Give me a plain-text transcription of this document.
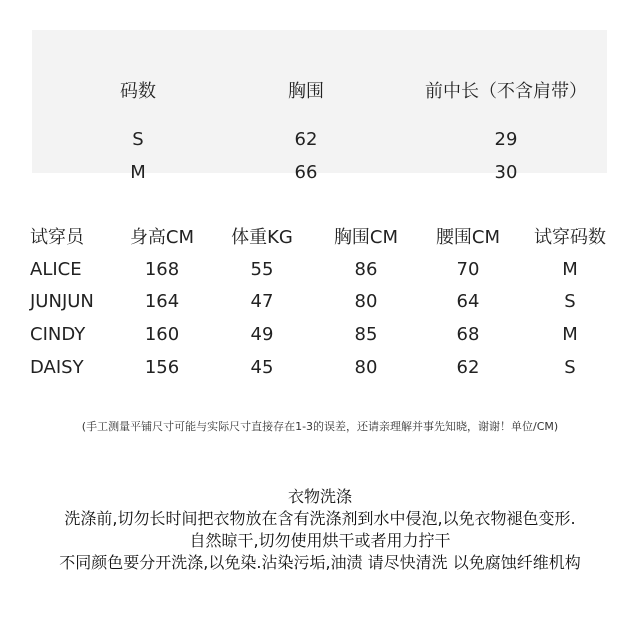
码数	胸围	前中长（不含肩带）
S	62	29
M	66	30
试穿员	身高CM	体重KG	胸围CM	腰围CM	试穿码数
ALICE	168	55	86	70	M
JUNJUN	164	47	80	64	S
CINDY	160	49	85	68	M
DAISY	156	45	80	62	S
(手工测量平铺尺寸可能与实际尺寸直接存在1-3的误差，还请亲理解并事先知晓，谢谢！单位/CM)
衣物洗涤
洗涤前,切勿长时间把衣物放在含有洗涤剂到水中侵泡,以免衣物褪色变形.
自然晾干,切勿使用烘干或者用力拧干
不同颜色要分开洗涤,以免染.沾染污垢,油渍 请尽快清洗 以免腐蚀纤维机构
